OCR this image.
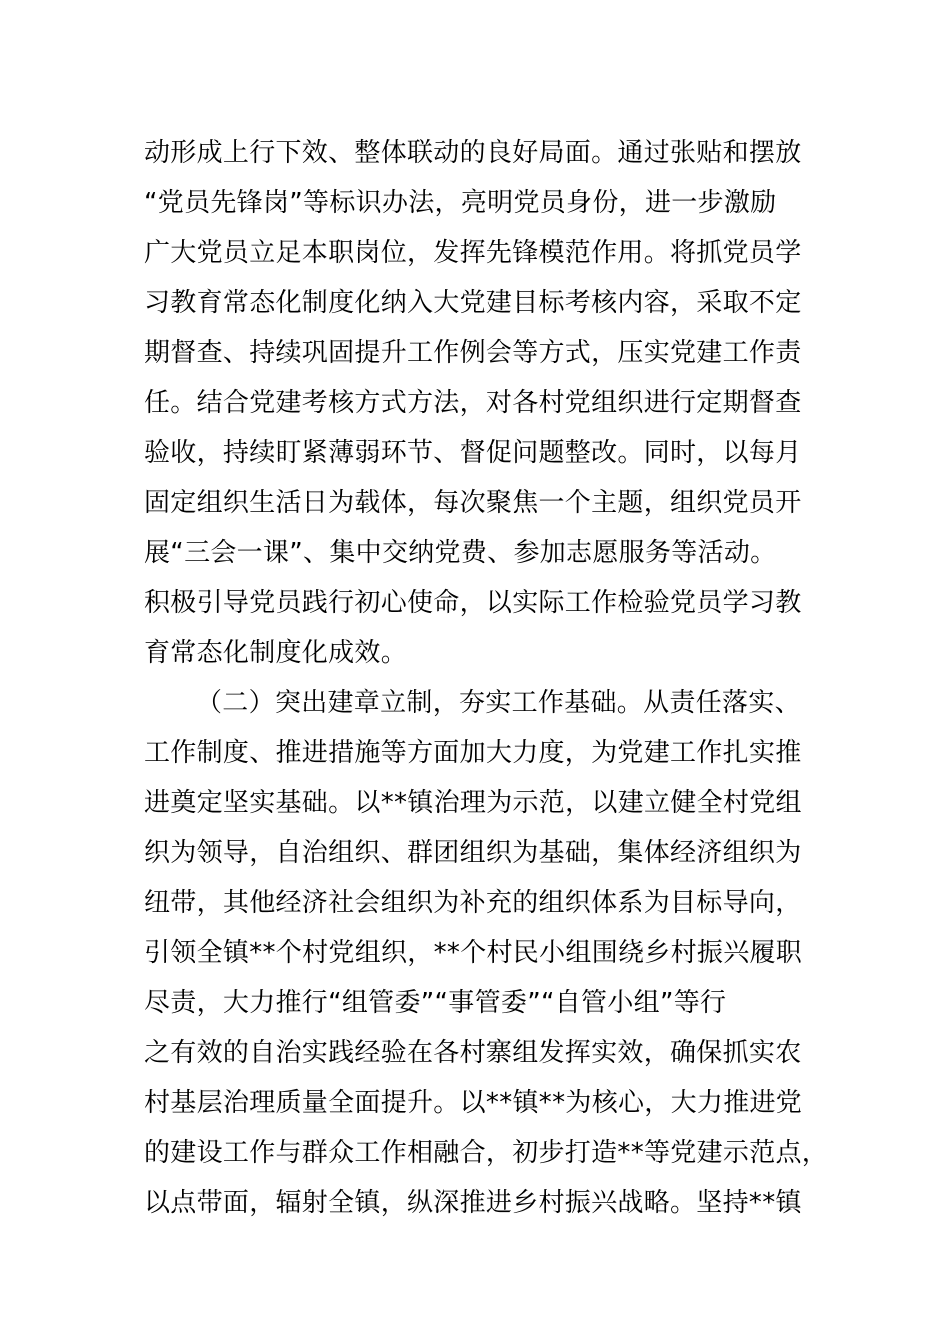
动形成上行下效、整体联动的良好局面。通过张贴和摆放
“党员先锋岗”等标识办法，亮明党员身份，进一步激励
广大党员立足本职岗位，发挥先锋模范作用。将抓党员学
习教育常态化制度化纳入大党建目标考核内容，采取不定
期督查、持续巩固提升工作例会等方式，压实党建工作责
任。结合党建考核方式方法，对各村党组织进行定期督查
验收，持续盯紧薄弱环节、督促问题整改。同时，以每月
固定组织生活日为载体，每次聚焦一个主题，组织党员开
展“三会一课”、集中交纳党费、参加志愿服务等活动。
积极引导党员践行初心使命，以实际工作检验党员学习教
育常态化制度化成效。
（二）突出建章立制，夯实工作基础。从责任落实、
工作制度、推进措施等方面加大力度，为党建工作扎实推
进奠定坚实基础。以**镇治理为示范，以建立健全村党组
织为领导，自治组织、群团组织为基础，集体经济组织为
纽带，其他经济社会组织为补充的组织体系为目标导向，
引领全镇**个村党组织，**个村民小组围绕乡村振兴履职
尽责，大力推行“组管委”“事管委”“自管小组”等行
之有效的自治实践经验在各村寨组发挥实效，确保抓实农
村基层治理质量全面提升。以**镇**为核心，大力推进党
的建设工作与群众工作相融合，初步打造**等党建示范点，
以点带面，辐射全镇，纵深推进乡村振兴战略。坚持**镇
